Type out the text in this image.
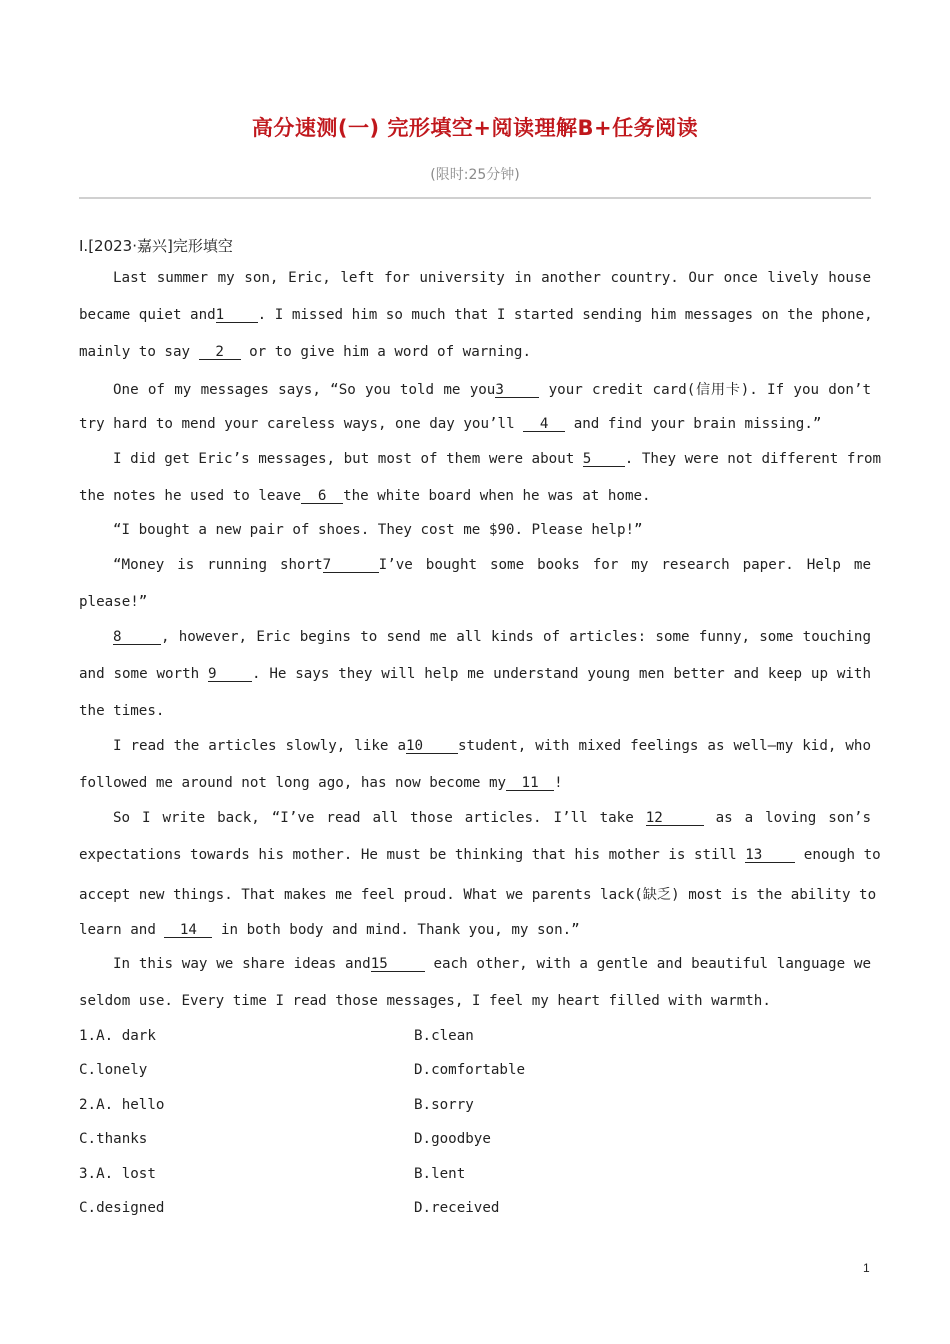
高分速测(一) 完形填空+阅读理解B+任务阅读
(限时:25分钟)
Ⅰ.[2023·嘉兴]完形填空
Last summer my son, Eric, left for university in another country. Our once lively house
became quiet and1 . I missed him so much that I started sending him messages on the phone,
mainly to say 2 or to give him a word of warning.
One of my messages says, “So you told me you3 your credit card(信用卡). If you don’t
try hard to mend your careless ways, one day you’ll 4 and find your brain missing.”
I did get Eric’s messages, but most of them were about 5 . They were not different from
the notes he used to leave 6 the white board when he was at home.
“I bought a new pair of shoes. They cost me $90. Please help!”
“Money is running short7	I’ve bought some books for my research paper. Help me
please!”
8	, however, Eric begins to send me all kinds of articles: some funny, some touching
and some worth 9 . He says they will help me understand young men better and keep up with
the times.
I read the articles slowly, like a10 student, with mixed feelings as well—my kid, who
followed me around not long ago, has now become my 11 !
So I write back, “I’ve read all those articles. I’ll take 12	as a loving son’s
expectations towards his mother. He must be thinking that his mother is still 13 enough to
accept new things. That makes me feel proud. What we parents lack(缺乏) most is the ability to
learn and 14 in both body and mind. Thank you, my son.”
In this way we share ideas and15	each other, with a gentle and beautiful language we
seldom use. Every time I read those messages, I feel my heart filled with warmth.
1.A. dark	B.clean
C.lonely	D.comfortable
2.A. hello	B.sorry
C.thanks	D.goodbye
3.A. lost	B.lent
C.designed	D.received
1
